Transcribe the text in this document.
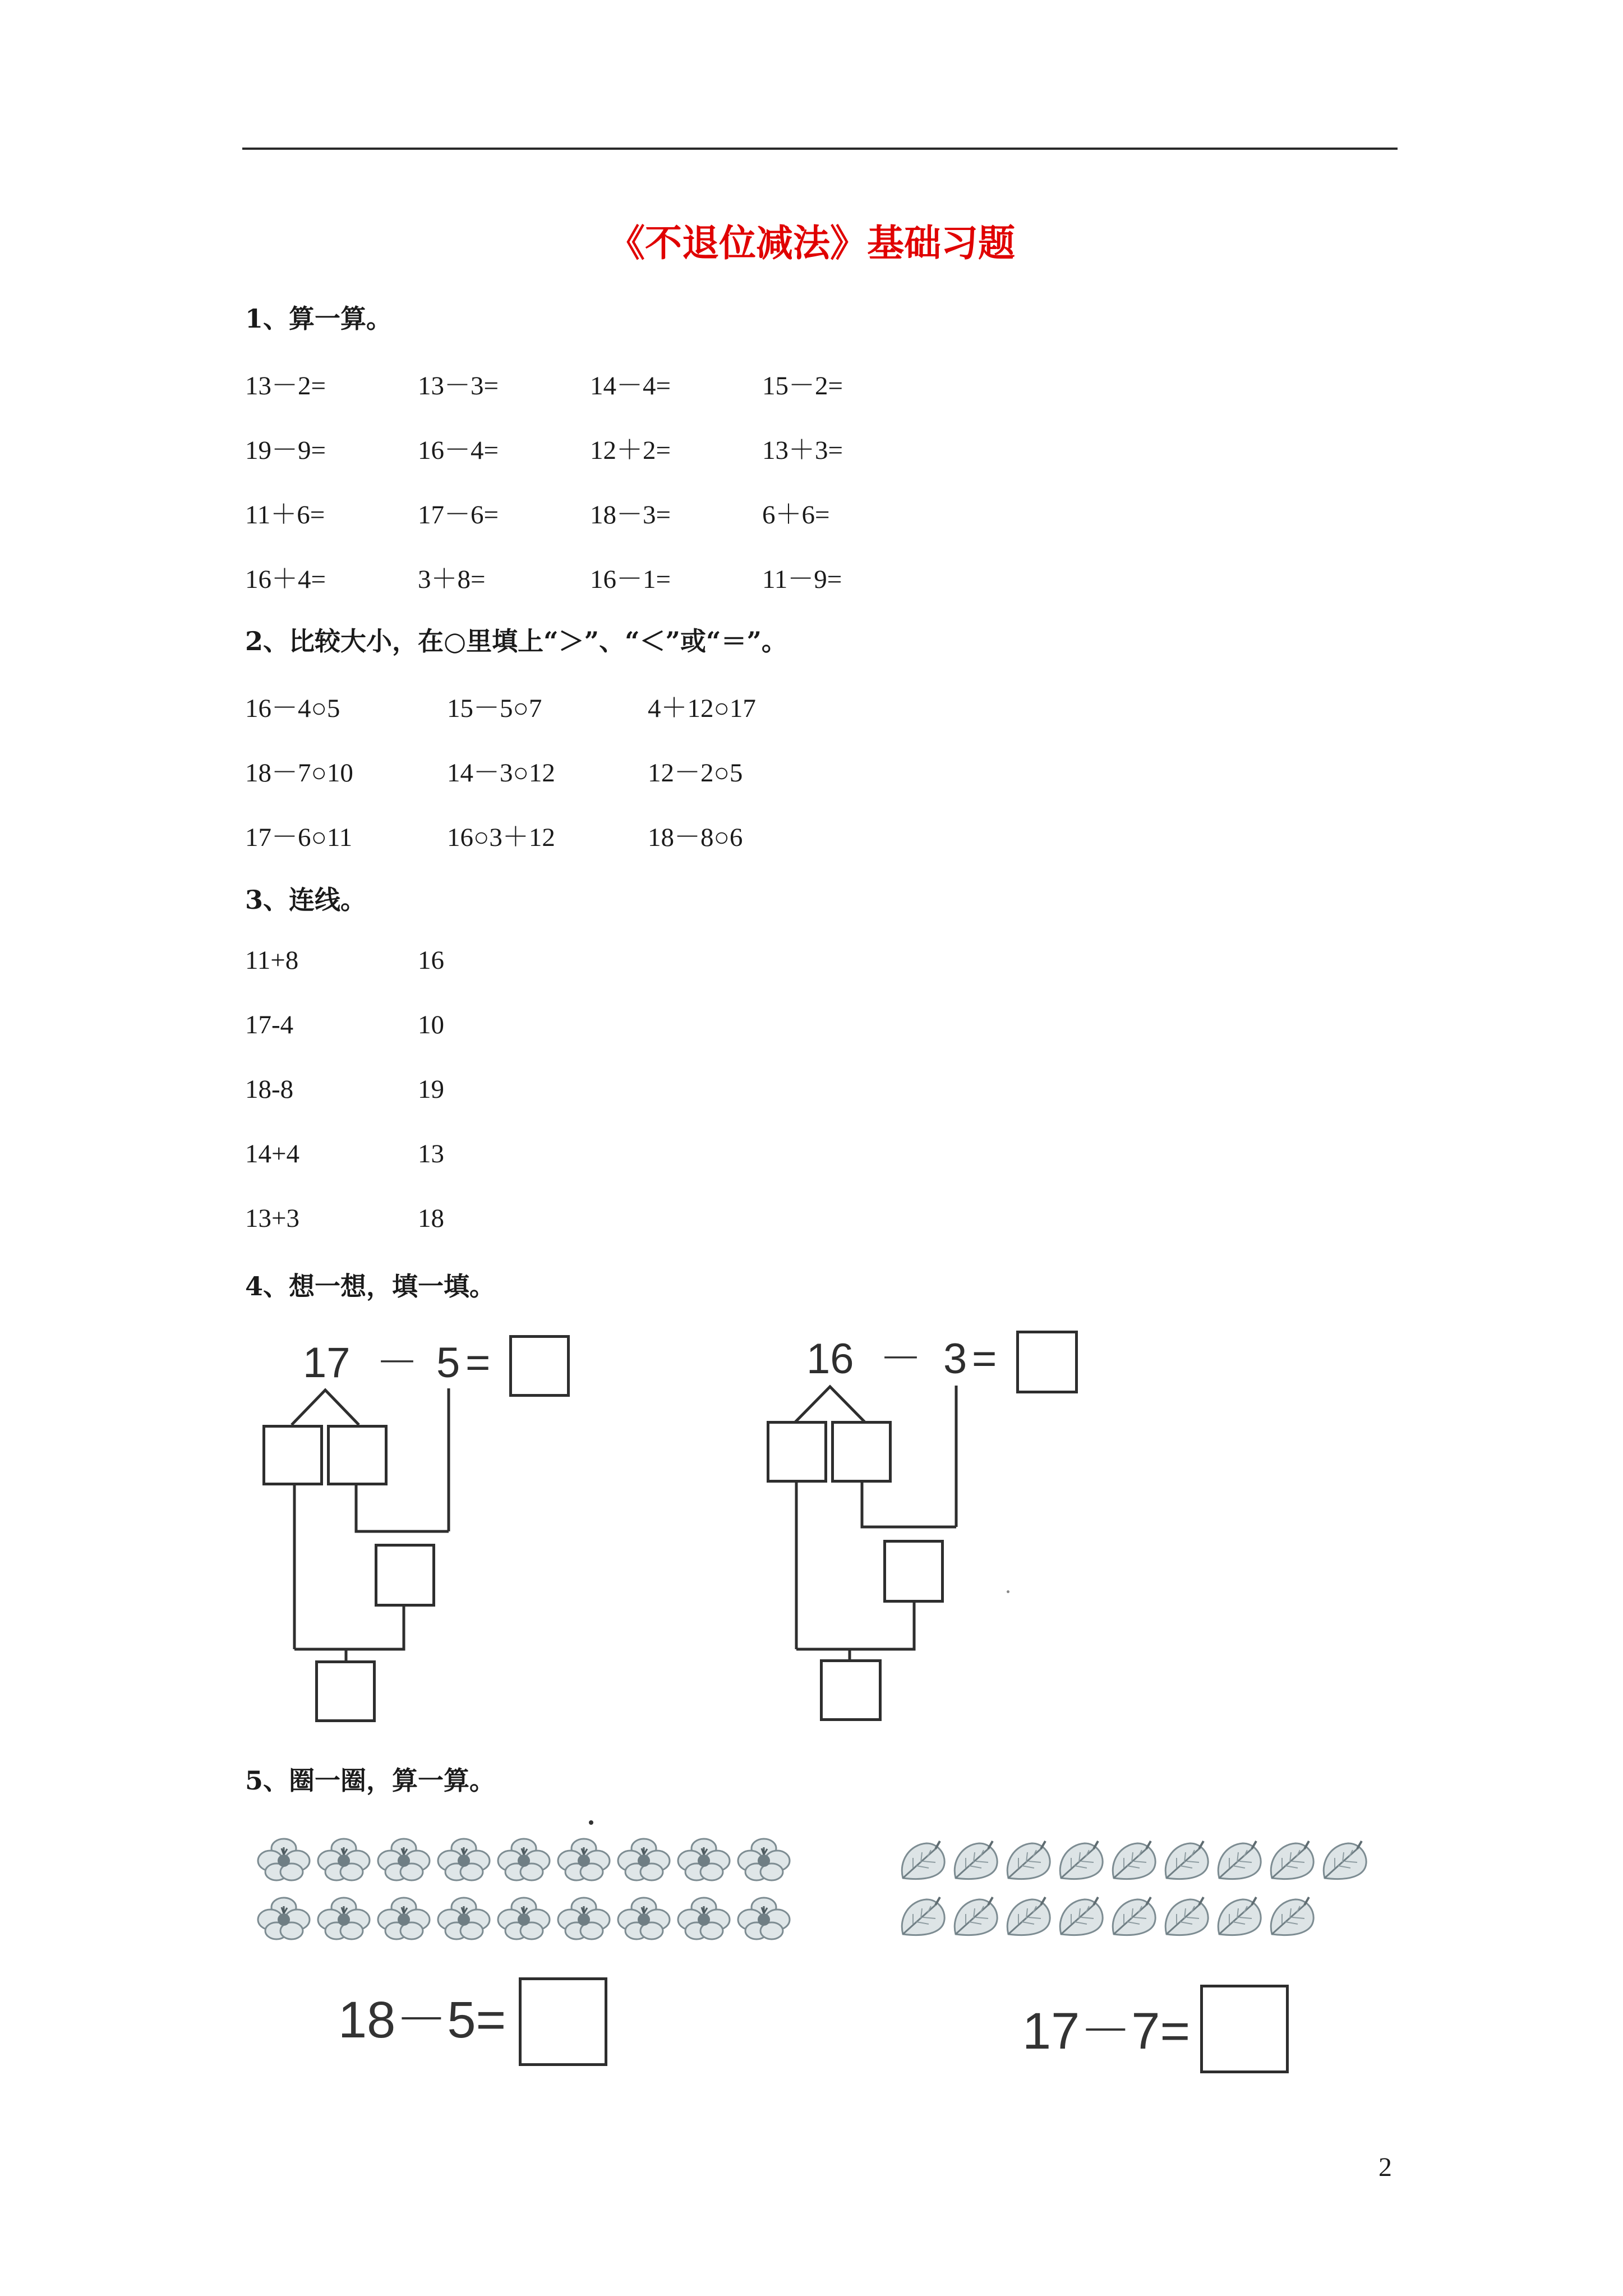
《不退位减法》基础习题
1、算一算。
13－2=	13－3=	14－4=	15－2=
19－9=	16－4=	12＋2=	13＋3=
11＋6=	17－6=	18－3=	6＋6=
16＋4=	3＋8=	16－1=	11－9=
2、比较大小，在○里填上“＞”、“＜”或“＝”。
16－4○5	15－5○7	4＋12○17
18－7○10	14－3○12	12－2○5
17－6○11	16○3＋12	18－8○6
3、连线。
11+8	16
17-4	10
18-8	19
14+4	13
13+3	18
4、想一想，填一填。
17 － 5 =	16 － 3 =
5、圈一圈，算一算。
18－5=	17－7=
2
